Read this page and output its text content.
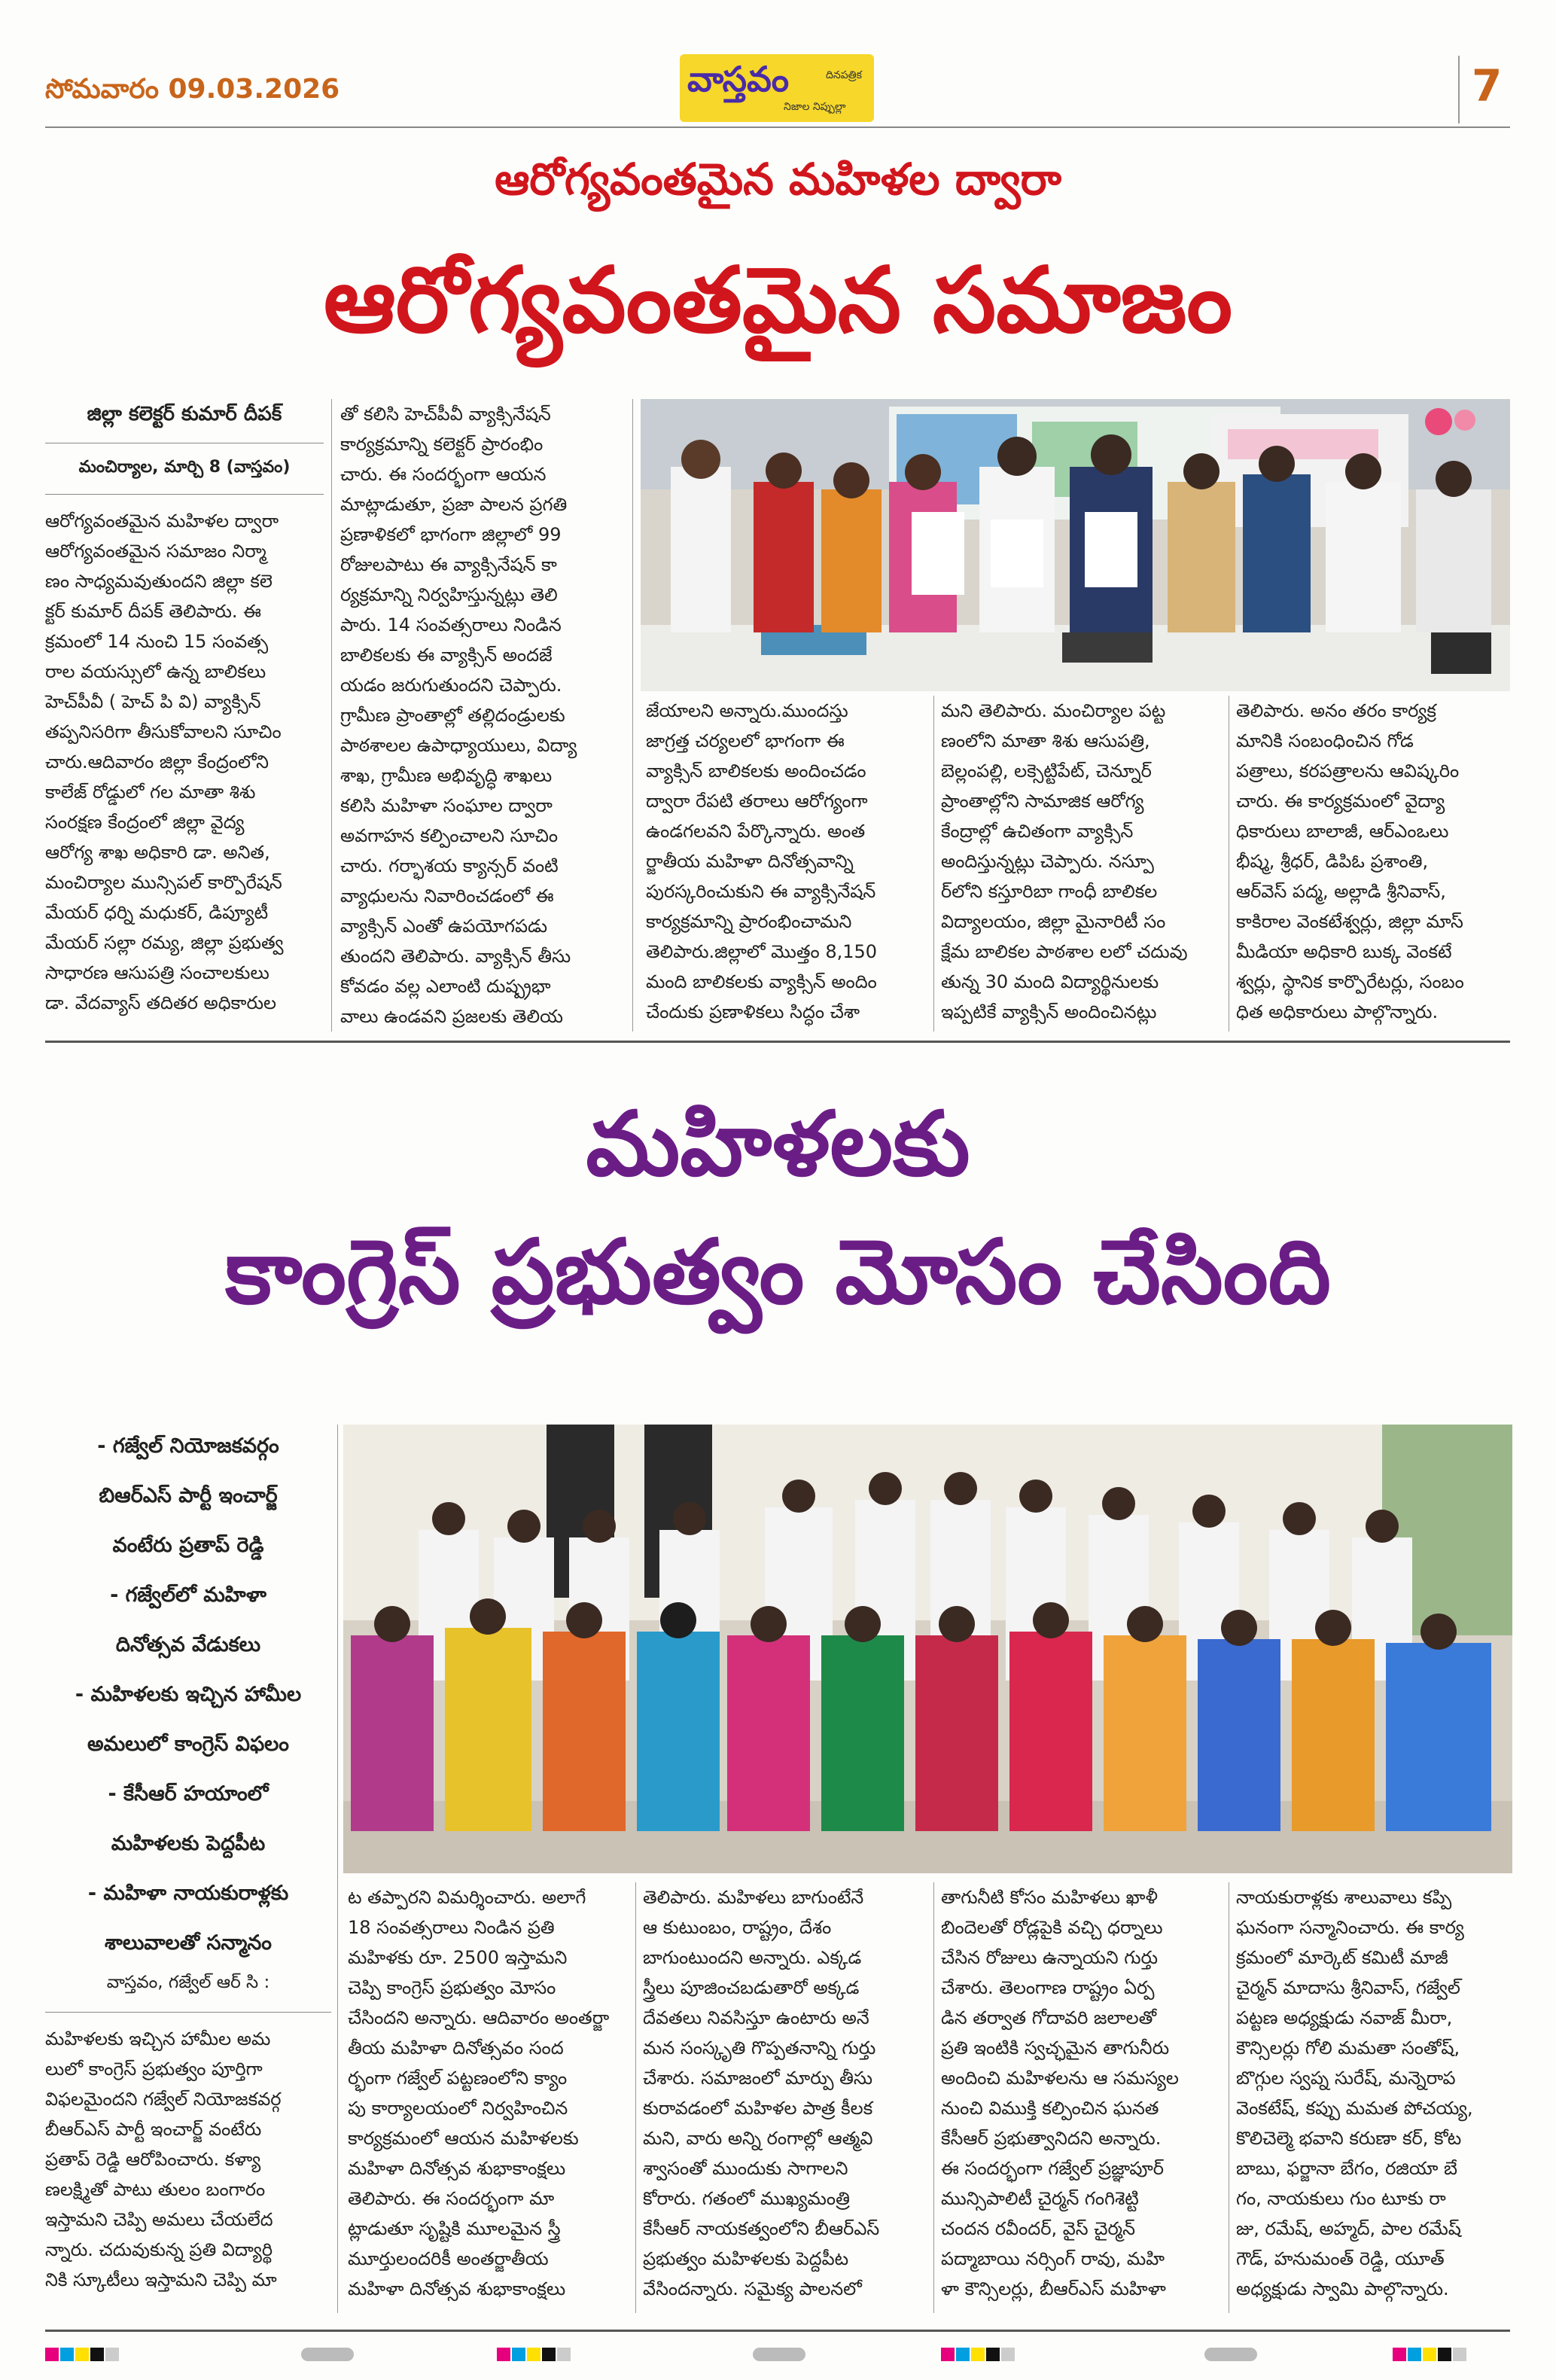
సోమవారం 09.03.2026	వాస్తవం
నిజాల నిప్పుల్లా
దినపత్రిక	7
ఆరోగ్యవంతమైన మహిళల ద్వారా
ఆరోగ్యవంతమైన సమాజం
జిల్లా కలెక్టర్ కుమార్ దీపక్
మంచిర్యాల, మార్చి 8 (వాస్తవం)
ఆరోగ్యవంతమైన మహిళల ద్వారా
ఆరోగ్యవంతమైన సమాజం నిర్మా
ణం సాధ్యమవుతుందని జిల్లా కలె
క్టర్ కుమార్ దీపక్ తెలిపారు. ఈ
క్రమంలో 14 నుంచి 15 సంవత్స
రాల వయస్సులో ఉన్న బాలికలు
హెచ్‌పీవీ ( హెచ్ పి వి) వ్యాక్సిన్
తప్పనిసరిగా తీసుకోవాలని సూచిం
చారు.ఆదివారం జిల్లా కేంద్రంలోని
కాలేజ్ రోడ్డులో గల మాతా శిశు
సంరక్షణ కేంద్రంలో జిల్లా వైద్య
ఆరోగ్య శాఖ అధికారి డా. అనిత,
మంచిర్యాల మున్సిపల్ కార్పొరేషన్
మేయర్ ధర్ని మధుకర్, డిప్యూటీ
మేయర్ సల్లా రమ్య, జిల్లా ప్రభుత్వ
సాధారణ ఆసుపత్రి సంచాలకులు
డా. వేదవ్యాస్ తదితర అధికారుల
తో కలిసి హెచ్‌పీవీ వ్యాక్సినేషన్
కార్యక్రమాన్ని కలెక్టర్ ప్రారంభిం
చారు. ఈ సందర్భంగా ఆయన
మాట్లాడుతూ, ప్రజా పాలన ప్రగతి
ప్రణాళికలో భాగంగా జిల్లాలో 99
రోజులపాటు ఈ వ్యాక్సినేషన్ కా
ర్యక్రమాన్ని నిర్వహిస్తున్నట్లు తెలి
పారు. 14 సంవత్సరాలు నిండిన
బాలికలకు ఈ వ్యాక్సిన్ అందజే
యడం జరుగుతుందని చెప్పారు.
గ్రామీణ ప్రాంతాల్లో తల్లిదండ్రులకు
పాఠశాలల ఉపాధ్యాయులు, విద్యా
శాఖ, గ్రామీణ అభివృద్ధి శాఖలు
కలిసి మహిళా సంఘాల ద్వారా
అవగాహన కల్పించాలని సూచిం
చారు. గర్భాశయ క్యాన్సర్ వంటి
వ్యాధులను నివారించడంలో ఈ
వ్యాక్సిన్ ఎంతో ఉపయోగపడు
తుందని తెలిపారు. వ్యాక్సిన్ తీసు
కోవడం వల్ల ఎలాంటి దుష్ప్రభా
వాలు ఉండవని ప్రజలకు తెలియ
జేయాలని అన్నారు.ముందస్తు
జాగ్రత్త చర్యలలో భాగంగా ఈ
వ్యాక్సిన్ బాలికలకు అందించడం
ద్వారా రేపటి తరాలు ఆరోగ్యంగా
ఉండగలవని పేర్కొన్నారు. అంత
ర్జాతీయ మహిళా దినోత్సవాన్ని
పురస్కరించుకుని ఈ వ్యాక్సినేషన్
కార్యక్రమాన్ని ప్రారంభించామని
తెలిపారు.జిల్లాలో మొత్తం 8,150
మంది బాలికలకు వ్యాక్సిన్ అందిం
చేందుకు ప్రణాళికలు సిద్ధం చేశా
మని తెలిపారు. మంచిర్యాల పట్ట
ణంలోని మాతా శిశు ఆసుపత్రి,
బెల్లంపల్లి, లక్సెట్టిపేట్, చెన్నూర్
ప్రాంతాల్లోని సామాజిక ఆరోగ్య
కేంద్రాల్లో ఉచితంగా వ్యాక్సిన్
అందిస్తున్నట్లు చెప్పారు. నస్పూ
ర్‌లోని కస్తూరిబా గాంధీ బాలికల
విద్యాలయం, జిల్లా మైనారిటీ సం
క్షేమ బాలికల పాఠశాల లలో చదువు
తున్న 30 మంది విద్యార్థినులకు
ఇప్పటికే వ్యాక్సిన్ అందించినట్లు
తెలిపారు. అనం తరం కార్యక్ర
మానికి సంబంధించిన గోడ
పత్రాలు, కరపత్రాలను ఆవిష్కరిం
చారు. ఈ కార్యక్రమంలో వైద్యా
ధికారులు బాలాజీ, ఆర్ఎంఒలు
భీష్మ, శ్రీధర్, డిపిఓ ప్రశాంతి,
ఆర్‌వెస్ పద్మ, అల్లాడి శ్రీనివాస్,
కాకిరాల వెంకటేశ్వర్లు, జిల్లా మాస్
మీడియా అధికారి బుక్క వెంకటే
శ్వర్లు, స్థానిక కార్పొరేటర్లు, సంబం
ధిత అధికారులు పాల్గొన్నారు.
మహిళలకు
కాంగ్రెస్ ప్రభుత్వం మోసం చేసింది
- గజ్వేల్ నియోజకవర్గం
బిఆర్ఎస్ పార్టీ ఇంచార్జ్
వంటేరు ప్రతాప్ రెడ్డి
- గజ్వేల్‌లో మహిళా
దినోత్సవ వేడుకలు
- మహిళలకు ఇచ్చిన హామీల
అమలులో కాంగ్రెస్ విఫలం
- కేసీఆర్ హయాంలో
మహిళలకు పెద్దపీట
- మహిళా నాయకురాళ్లకు
శాలువాలతో సన్మానం
వాస్తవం, గజ్వేల్ ఆర్ సి :
మహిళలకు ఇచ్చిన హామీల అమ
లులో కాంగ్రెస్ ప్రభుత్వం పూర్తిగా
విఫలమైందని గజ్వేల్ నియోజకవర్గ
బీఆర్ఎస్ పార్టీ ఇంచార్జ్ వంటేరు
ప్రతాప్ రెడ్డి ఆరోపించారు. కళ్యా
ణలక్ష్మితో పాటు తులం బంగారం
ఇస్తామని చెప్పి అమలు చేయలేద
న్నారు. చదువుకున్న ప్రతి విద్యార్థి
నికి స్కూటీలు ఇస్తామని చెప్పి మా
ట తప్పారని విమర్శించారు. అలాగే
18 సంవత్సరాలు నిండిన ప్రతి
మహిళకు రూ. 2500 ఇస్తామని
చెప్పి కాంగ్రెస్ ప్రభుత్వం మోసం
చేసిందని అన్నారు. ఆదివారం అంతర్జా
తీయ మహిళా దినోత్సవం సంద
ర్భంగా గజ్వేల్ పట్టణంలోని క్యాం
పు కార్యాలయంలో నిర్వహించిన
కార్యక్రమంలో ఆయన మహిళలకు
మహిళా దినోత్సవ శుభాకాంక్షలు
తెలిపారు. ఈ సందర్భంగా మా
ట్లాడుతూ సృష్టికి మూలమైన స్త్రీ
మూర్తులందరికీ అంతర్జాతీయ
మహిళా దినోత్సవ శుభాకాంక్షలు
తెలిపారు. మహిళలు బాగుంటేనే
ఆ కుటుంబం, రాష్ట్రం, దేశం
బాగుంటుందని అన్నారు. ఎక్కడ
స్త్రీలు పూజించబడుతారో అక్కడ
దేవతలు నివసిస్తూ ఉంటారు అనే
మన సంస్కృతి గొప్పతనాన్ని గుర్తు
చేశారు. సమాజంలో మార్పు తీసు
కురావడంలో మహిళల పాత్ర కీలక
మని, వారు అన్ని రంగాల్లో ఆత్మవి
శ్వాసంతో ముందుకు సాగాలని
కోరారు. గతంలో ముఖ్యమంత్రి
కేసీఆర్ నాయకత్వంలోని బీఆర్ఎస్
ప్రభుత్వం మహిళలకు పెద్దపీట
వేసిందన్నారు. సమైక్య పాలనలో
తాగునీటి కోసం మహిళలు ఖాళీ
బిందెలతో రోడ్లపైకి వచ్చి ధర్నాలు
చేసిన రోజులు ఉన్నాయని గుర్తు
చేశారు. తెలంగాణ రాష్ట్రం ఏర్ప
డిన తర్వాత గోదావరి జలాలతో
ప్రతి ఇంటికి స్వచ్ఛమైన తాగునీరు
అందించి మహిళలను ఆ సమస్యల
నుంచి విముక్తి కల్పించిన ఘనత
కేసీఆర్ ప్రభుత్వానిదని అన్నారు.
ఈ సందర్భంగా గజ్వేల్ ప్రజ్ఞాపూర్
మున్సిపాలిటీ చైర్మన్ గంగిశెట్టి
చందన రవీందర్, వైస్ చైర్మన్
పద్మాబాయి నర్సింగ్ రావు, మహి
ళా కౌన్సిలర్లు, బీఆర్ఎస్ మహిళా
నాయకురాళ్లకు శాలువాలు కప్పి
ఘనంగా సన్మానించారు. ఈ కార్య
క్రమంలో మార్కెట్ కమిటీ మాజీ
చైర్మన్ మాదాసు శ్రీనివాస్, గజ్వేల్
పట్టణ అధ్యక్షుడు నవాజ్ మీరా,
కౌన్సిలర్లు గోలి మమతా సంతోష్,
బొగ్గుల స్వప్న సురేష్, మన్నెరాప
వెంకటేష్, కప్పు మమత పోచయ్య,
కొలిచెల్మె భవాని కరుణా కర్, కోట
బాబు, ఫర్జానా బేగం, రజియా బే
గం, నాయకులు గుం టూకు రా
జు, రమేష్, అహ్మద్, పాల రమేష్
గౌడ్, హనుమంత్ రెడ్డి, యూత్
అధ్యక్షుడు స్వామి పాల్గొన్నారు.
